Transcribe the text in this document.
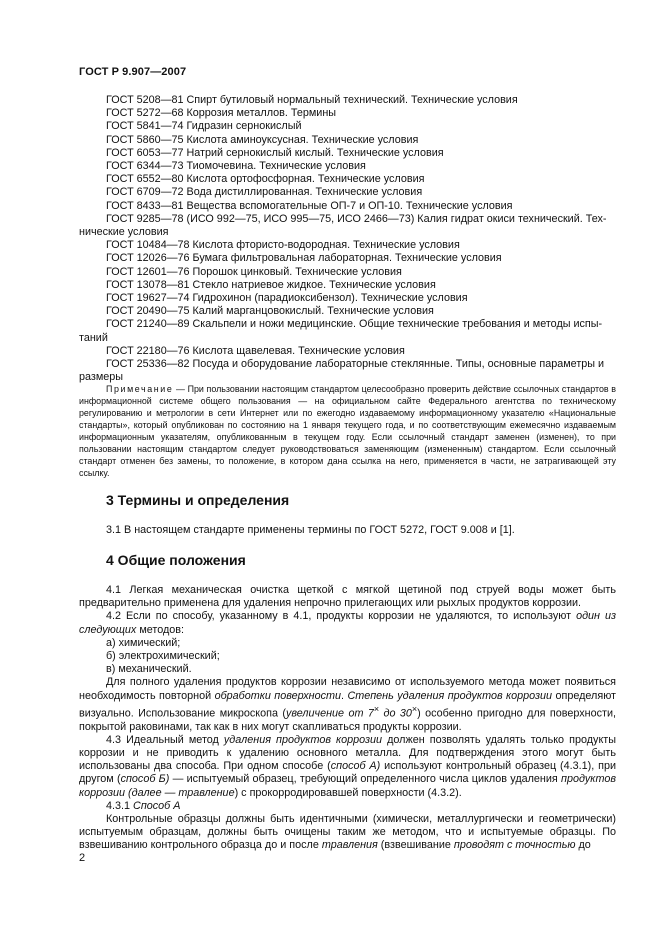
ГОСТ Р 9.907—2007

ГОСТ 5208—81 Спирт бутиловый нормальный технический. Технические условия

ГОСТ 5272—68 Коррозия металлов. Термины

ГОСТ 5841—74 Гидразин сернокислый

ГОСТ 5860—75 Кислота аминоуксусная. Технические условия

ГОСТ 6053—77 Натрий сернокислый кислый. Технические условия

ГОСТ 6344—73 Тиомочевина. Технические условия

ГОСТ 6552—80 Кислота ортофосфорная. Технические условия

ГОСТ 6709—72 Вода дистиллированная. Технические условия

ГОСТ 8433—81 Вещества вспомогательные ОП-7 и ОП-10. Технические условия

ГОСТ 9285—78 (ИСО 992—75, ИСО 995—75, ИСО 2466—73) Калия гидрат окиси технический. Тех-

нические условия

ГОСТ 10484—78 Кислота фтористо-водородная. Технические условия

ГОСТ 12026—76 Бумага фильтровальная лабораторная. Технические условия

ГОСТ 12601—76 Порошок цинковый. Технические условия

ГОСТ 13078—81 Стекло натриевое жидкое. Технические условия

ГОСТ 19627—74 Гидрохинон (парадиоксибензол). Технические условия

ГОСТ 20490—75 Калий марганцовокислый. Технические условия

ГОСТ 21240—89 Скальпели и ножи медицинские. Общие технические требования и методы испы-

таний

ГОСТ 22180—76 Кислота щавелевая. Технические условия

ГОСТ 25336—82 Посуда и оборудование лабораторные стеклянные. Типы, основные параметры и

размеры

Примечание — При пользовании настоящим стандартом целесообразно проверить действие ссылочных стандартов в информационной системе общего пользования — на официальном сайте Федерального агентства по техническому регулированию и метрологии в сети Интернет или по ежегодно издаваемому информационному указателю «Национальные стандарты», который опубликован по состоянию на 1 января текущего года, и по соответствующим ежемесячно издаваемым информационным указателям, опубликованным в текущем году. Если ссылочный стандарт заменен (изменен), то при пользовании настоящим стандартом следует руководствоваться заменяющим (измененным) стандартом. Если ссылочный стандарт отменен без замены, то положение, в котором дана ссылка на него, применяется в части, не затрагивающей эту ссылку.
3 Термины и определения

3.1 В настоящем стандарте применены термины по ГОСТ 5272, ГОСТ 9.008 и [1].

4 Общие положения

4.1 Легкая механическая очистка щеткой с мягкой щетиной под струей воды может быть предварительно применена для удаления непрочно прилегающих или рыхлых продуктов коррозии.

4.2 Если по способу, указанному в 4.1, продукты коррозии не удаляются, то используют один из следующих методов:

а) химический;

б) электрохимический;

в) механический.

Для полного удаления продуктов коррозии независимо от используемого метода может появиться необходимость повторной обработки поверхности. Степень удаления продуктов коррозии определяют визуально. Использование микроскопа (увеличение от 7× до 30×) особенно пригодно для поверхности, покрытой раковинами, так как в них могут скапливаться продукты коррозии.

4.3 Идеальный метод удаления продуктов коррозии должен позволять удалять только продукты коррозии и не приводить к удалению основного металла. Для подтверждения этого могут быть использованы два способа. При одном способе (способ А) используют контрольный образец (4.3.1), при другом (способ Б) — испытуемый образец, требующий определенного числа циклов удаления продуктов коррозии (далее — травление) с прокорродировавшей поверхности (4.3.2).

4.3.1 Способ А

Контрольные образцы должны быть идентичными (химически, металлургически и геометрически) испытуемым образцам, должны быть очищены таким же методом, что и испытуемые образцы. По взвешиванию контрольного образца до и после травления (взвешивание проводят с точностью до

2
